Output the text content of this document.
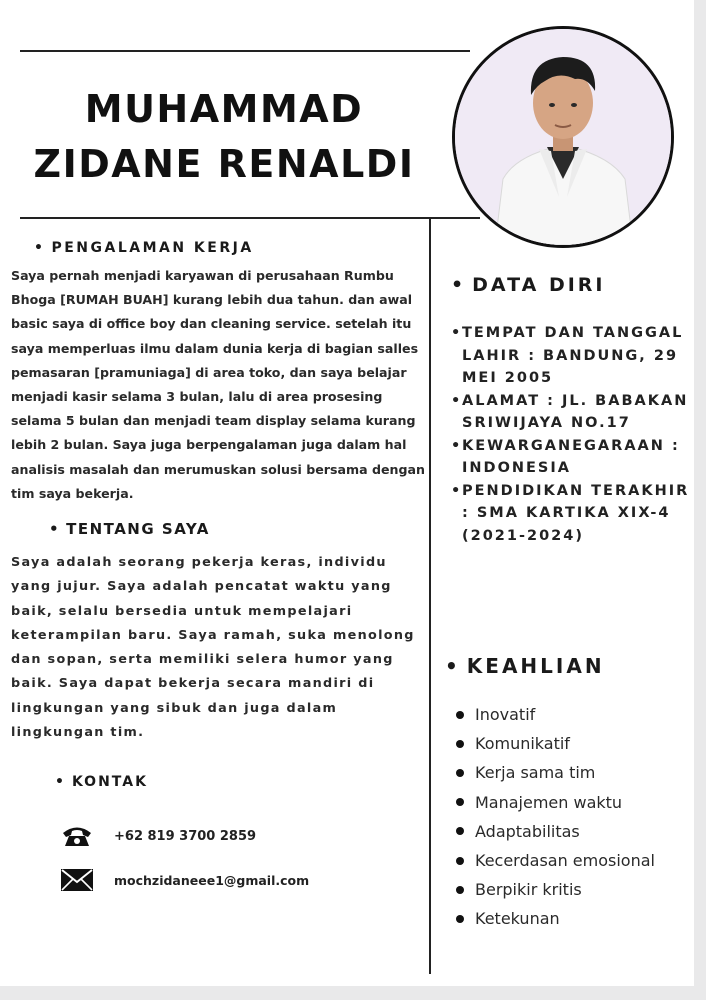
MUHAMMAD
ZIDANE RENALDI
• PENGALAMAN KERJA

Saya pernah menjadi karyawan di perusahaan Rumbu Bhoga [RUMAH BUAH] kurang lebih dua tahun. dan awal basic saya di office boy dan cleaning service. setelah itu saya memperluas ilmu dalam dunia kerja di bagian salles pemasaran [pramuniaga] di area toko, dan saya belajar menjadi kasir selama 3 bulan, lalu di area prosesing selama 5 bulan dan menjadi team display selama kurang lebih 2 bulan. Saya juga berpengalaman juga dalam hal analisis masalah dan merumuskan solusi bersama dengan tim saya bekerja.

• TENTANG SAYA

Saya adalah seorang pekerja keras, individu yang jujur. Saya adalah pencatat waktu yang baik, selalu bersedia untuk mempelajari keterampilan baru. Saya ramah, suka menolong dan sopan, serta memiliki selera humor yang baik. Saya dapat bekerja secara mandiri di lingkungan yang sibuk dan juga dalam lingkungan tim.

• KONTAK
+62 819 3700 2859
mochzidaneee1@gmail.com
• DATA DIRI
• TEMPAT DAN TANGGAL LAHIR : BANDUNG, 29 MEI 2005
• ALAMAT : JL. BABAKAN SRIWIJAYA NO.17
• KEWARGANEGARAAN : INDONESIA
• PENDIDIKAN TERAKHIR : SMA KARTIKA XIX-4 (2021-2024)
• KEAHLIAN
Inovatif
Komunikatif
Kerja sama tim
Manajemen waktu
Adaptabilitas
Kecerdasan emosional
Berpikir kritis
Ketekunan
